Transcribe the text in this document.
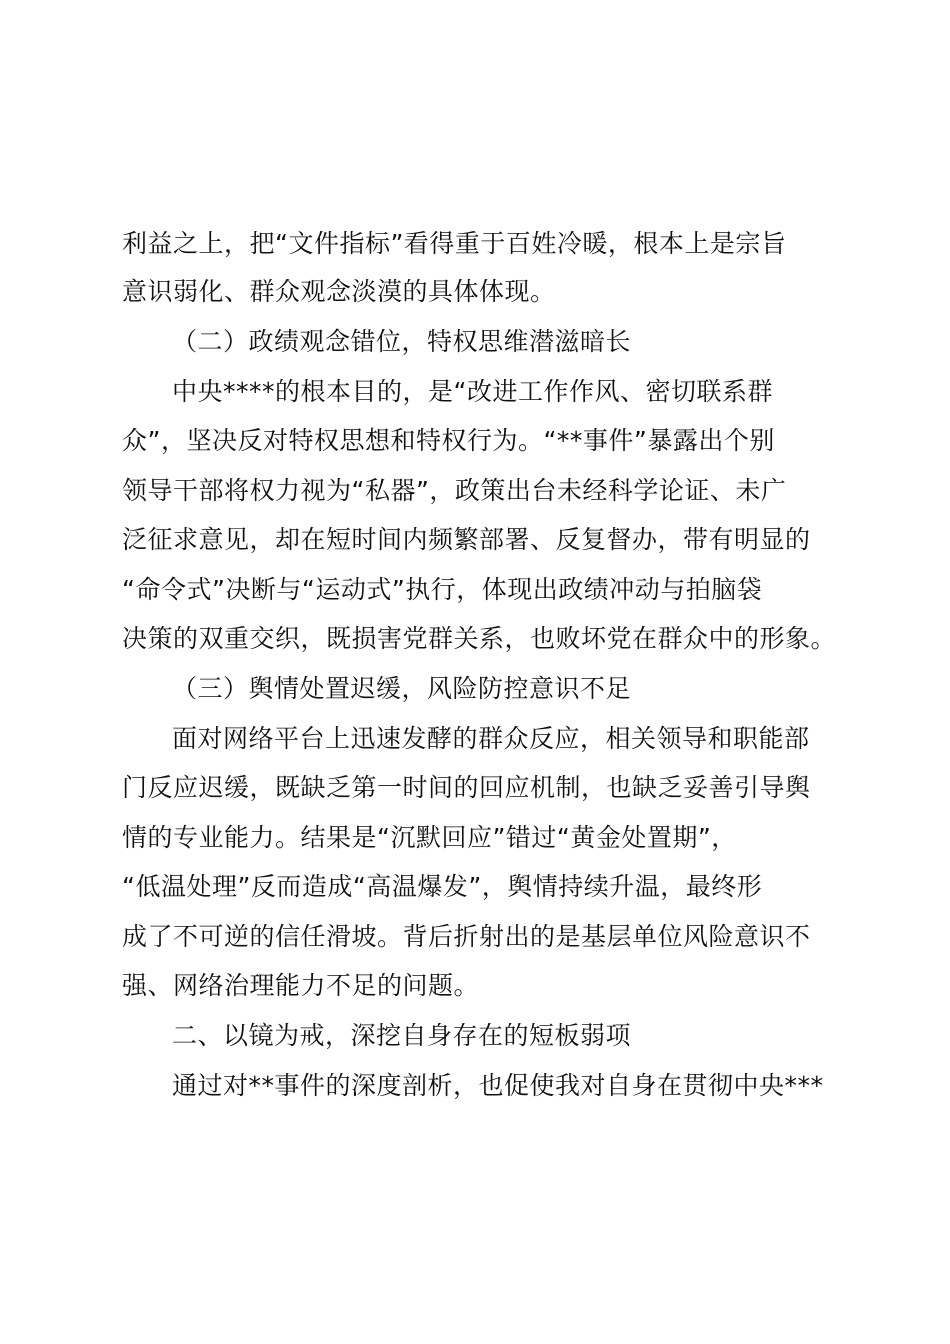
利益之上，把“文件指标”看得重于百姓冷暖，根本上是宗旨
意识弱化、群众观念淡漠的具体体现。
（二）政绩观念错位，特权思维潜滋暗长
中央****的根本目的，是“改进工作作风、密切联系群
众”，坚决反对特权思想和特权行为。“**事件”暴露出个别
领导干部将权力视为“私器”，政策出台未经科学论证、未广
泛征求意见，却在短时间内频繁部署、反复督办，带有明显的
“命令式”决断与“运动式”执行，体现出政绩冲动与拍脑袋
决策的双重交织，既损害党群关系，也败坏党在群众中的形象。
（三）舆情处置迟缓，风险防控意识不足
面对网络平台上迅速发酵的群众反应，相关领导和职能部
门反应迟缓，既缺乏第一时间的回应机制，也缺乏妥善引导舆
情的专业能力。结果是“沉默回应”错过“黄金处置期”，
“低温处理”反而造成“高温爆发”，舆情持续升温，最终形
成了不可逆的信任滑坡。背后折射出的是基层单位风险意识不
强、网络治理能力不足的问题。
二、以镜为戒，深挖自身存在的短板弱项
通过对**事件的深度剖析，也促使我对自身在贯彻中央***
